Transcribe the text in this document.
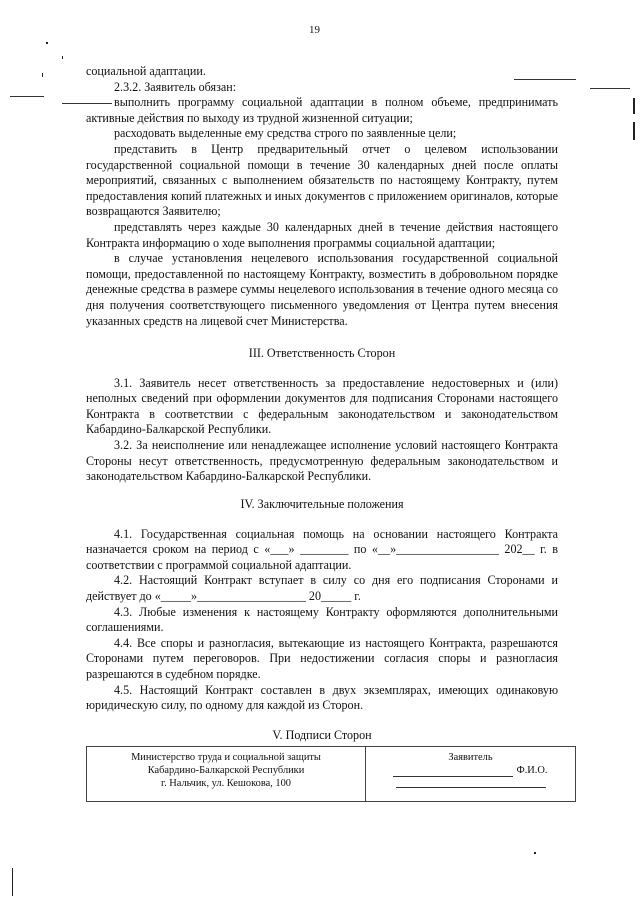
19

социальной адаптации.

2.3.2. Заявитель обязан:

выполнить программу социальной адаптации в полном объеме, предпринимать активные действия по выходу из трудной жизненной ситуации;

расходовать выделенные ему средства строго по заявленные цели;

представить в Центр предварительный отчет о целевом использовании государственной социальной помощи в течение 30 календарных дней после оплаты мероприятий, связанных с выполнением обязательств по настоящему Контракту, путем предоставления копий платежных и иных документов с приложением оригиналов, которые возвращаются Заявителю;

представлять через каждые 30 календарных дней в течение действия настоящего Контракта информацию о ходе выполнения программы социальной адаптации;

в случае установления нецелевого использования государственной социальной помощи, предоставленной по настоящему Контракту, возместить в добровольном порядке денежные средства в размере суммы нецелевого использования в течение одного месяца со дня получения соответствующего письменного уведомления от Центра путем внесения указанных средств на лицевой счет Министерства.

III. Ответственность Сторон

3.1. Заявитель несет ответственность за предоставление недостоверных и (или) неполных сведений при оформлении документов для подписания Сторонами настоящего Контракта в соответствии с федеральным законодательством и законодательством Кабардино-Балкарской Республики.

3.2. За неисполнение или ненадлежащее исполнение условий настоящего Контракта Стороны несут ответственность, предусмотренную федеральным законодательством и законодательством Кабардино-Балкарской Республики.

IV. Заключительные положения

4.1. Государственная социальная помощь на основании настоящего Контракта назначается сроком на период с «___» ________ по «__»_________________ 202__ г. в соответствии с программой социальной адаптации.

4.2. Настоящий Контракт вступает в силу со дня его подписания Сторонами и действует до «_____»__________________ 20_____ г.

4.3. Любые изменения к настоящему Контракту оформляются дополнительными соглашениями.

4.4. Все споры и разногласия, вытекающие из настоящего Контракта, разрешаются Сторонами путем переговоров. При недостижении согласия споры и разногласия разрешаются в судебном порядке.

4.5. Настоящий Контракт составлен в двух экземплярах, имеющих одинаковую юридическую силу, по одному для каждой из Сторон.

V. Подписи Сторон

Министерство труда и социальной защиты
Кабардино-Балкарской Республики
г. Нальчик, ул. Кешокова, 100

Заявитель
Ф.И.О.
